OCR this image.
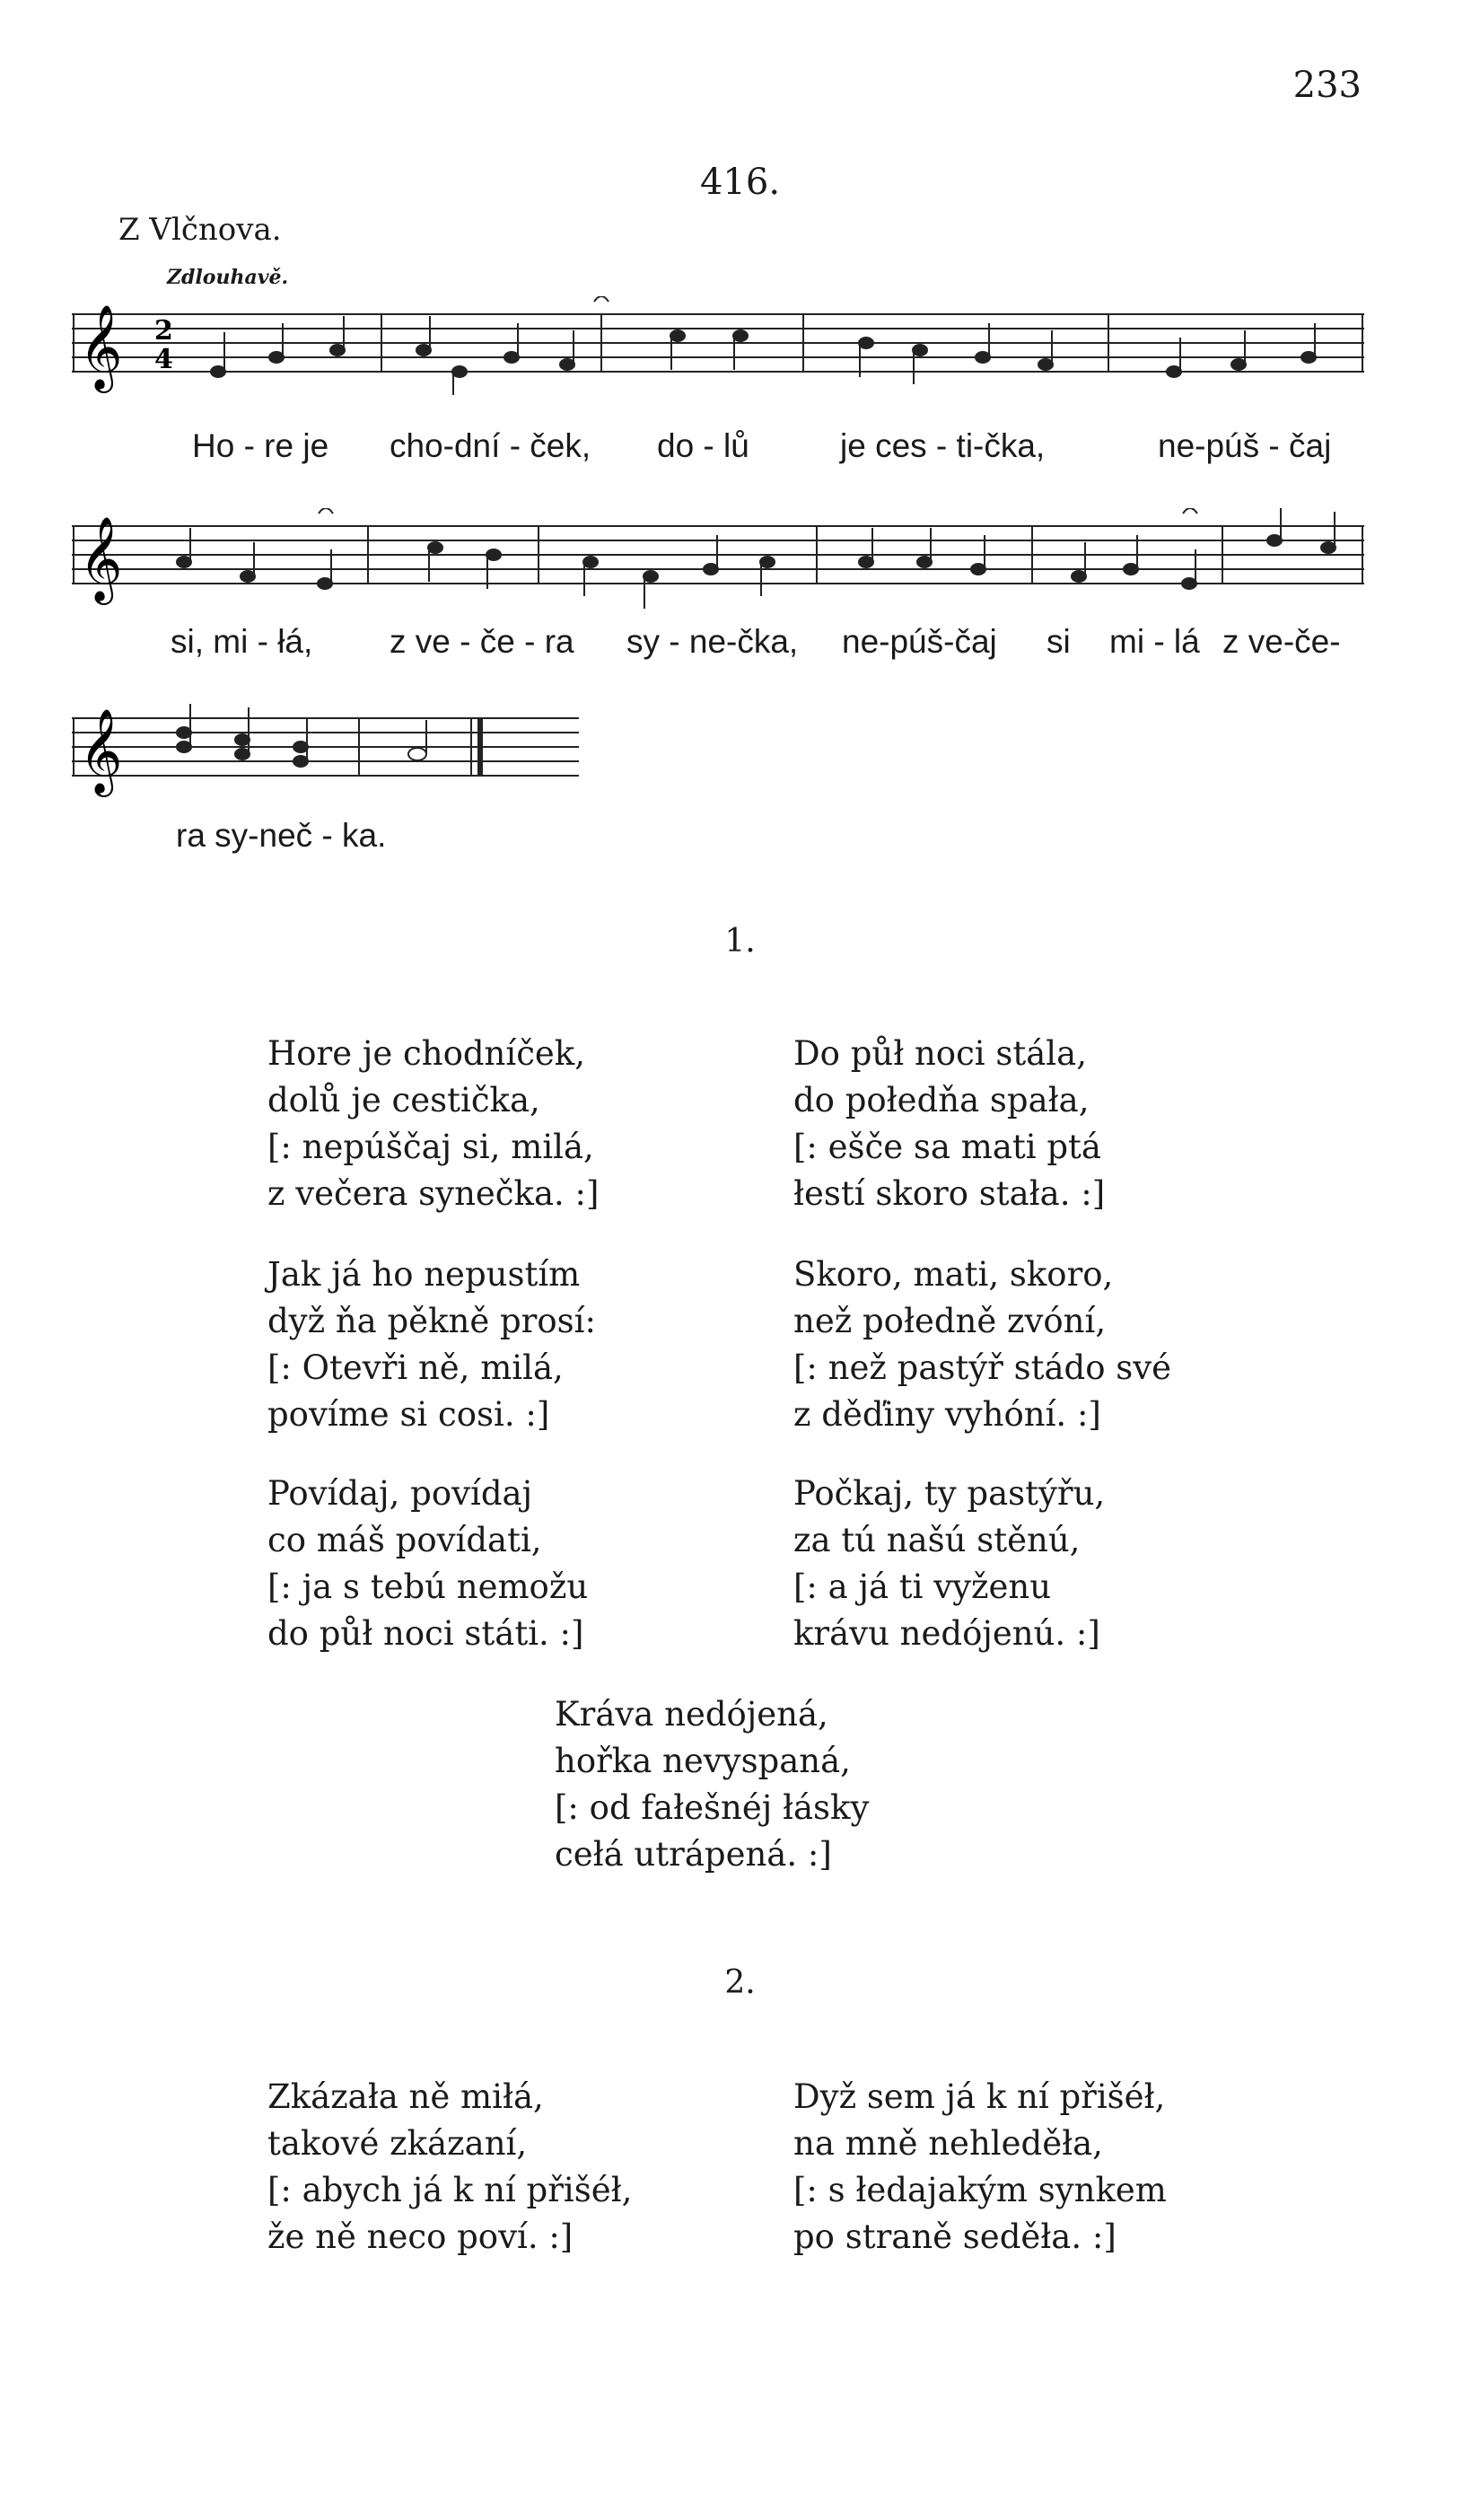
233
416.
Z Vlčnova.
Zdlouhavě.
𝄞 2
4
Ho - re je cho-dní - ček, do - lů	je ces - ti-čka,	ne-púš - čaj
𝄞
si, mi - łá, z ve - če - ra sy - ne-čka, ne-púš-čaj si mi - lá z ve-če-
𝄞
ra sy-neč - ka.
1.
Hore je chodníček,
dolů je cestička,
[: nepúščaj si, milá,
z večera synečka. :]
Do půł noci stála,
do połedňa spała,
[: ešče sa mati ptá
łestí skoro stała. :]
Jak já ho nepustím
dyž ňa pěkně prosí:
[: Otevři ně, milá,
povíme si cosi. :]
Skoro, mati, skoro,
než połedně zvóní,
[: než pastýř stádo své
z děďiny vyhóní. :]
Povídaj, povídaj
co máš povídati,
[: ja s tebú nemožu
do půł noci státi. :]
Počkaj, ty pastýřu,
za tú našú stěnú,
[: a já ti vyženu
krávu nedójenú. :]
Kráva nedójená,
hořka nevyspaná,
[: od fałešnéj łásky
cełá utrápená. :]
2.
Zkázała ně miłá,
takové zkázaní,
[: abych já k ní přišéł,
že ně neco poví. :]
Dyž sem já k ní přišéł,
na mně nehleděła,
[: s łedajakým synkem
po straně seděła. :]
